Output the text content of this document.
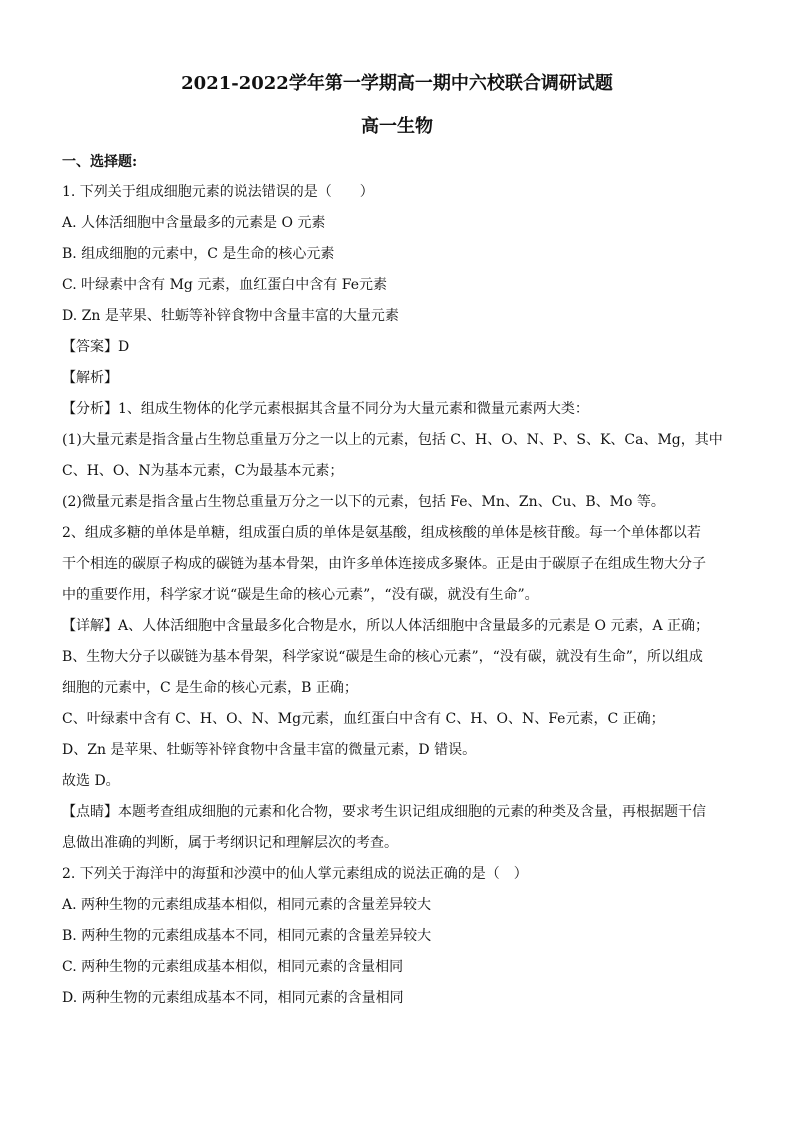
2021-2022学年第一学期高一期中六校联合调研试题
高一生物
一、选择题:
1. 下列关于组成细胞元素的说法错误的是（　　）
A. 人体活细胞中含量最多的元素是 O 元素
B. 组成细胞的元素中，C 是生命的核心元素
C. 叶绿素中含有 Mg 元素，血红蛋白中含有 Fe元素
D. Zn 是苹果、牡蛎等补锌食物中含量丰富的大量元素
【答案】D
【解析】
【分析】1、组成生物体的化学元素根据其含量不同分为大量元素和微量元素两大类：
(1)大量元素是指含量占生物总重量万分之一以上的元素，包括 C、H、O、N、P、S、K、Ca、Mg，其中
C、H、O、N为基本元素，C为最基本元素；
(2)微量元素是指含量占生物总重量万分之一以下的元素，包括 Fe、Mn、Zn、Cu、B、Mo 等。
2、组成多糖的单体是单糖，组成蛋白质的单体是氨基酸，组成核酸的单体是核苷酸。每一个单体都以若
干个相连的碳原子构成的碳链为基本骨架，由许多单体连接成多聚体。正是由于碳原子在组成生物大分子
中的重要作用，科学家才说“碳是生命的核心元素”，“没有碳，就没有生命”。
【详解】A、人体活细胞中含量最多化合物是水，所以人体活细胞中含量最多的元素是 O 元素，A 正确；
B、生物大分子以碳链为基本骨架，科学家说“碳是生命的核心元素”，“没有碳，就没有生命”，所以组成
细胞的元素中，C 是生命的核心元素，B 正确；
C、叶绿素中含有 C、H、O、N、Mg元素，血红蛋白中含有 C、H、O、N、Fe元素，C 正确；
D、Zn 是苹果、牡蛎等补锌食物中含量丰富的微量元素，D 错误。
故选 D。
【点睛】本题考查组成细胞的元素和化合物，要求考生识记组成细胞的元素的种类及含量，再根据题干信
息做出准确的判断，属于考纲识记和理解层次的考查。
2. 下列关于海洋中的海蜇和沙漠中的仙人掌元素组成的说法正确的是（　）
A. 两种生物的元素组成基本相似，相同元素的含量差异较大
B. 两种生物的元素组成基本不同，相同元素的含量差异较大
C. 两种生物的元素组成基本相似，相同元素的含量相同
D. 两种生物的元素组成基本不同，相同元素的含量相同
